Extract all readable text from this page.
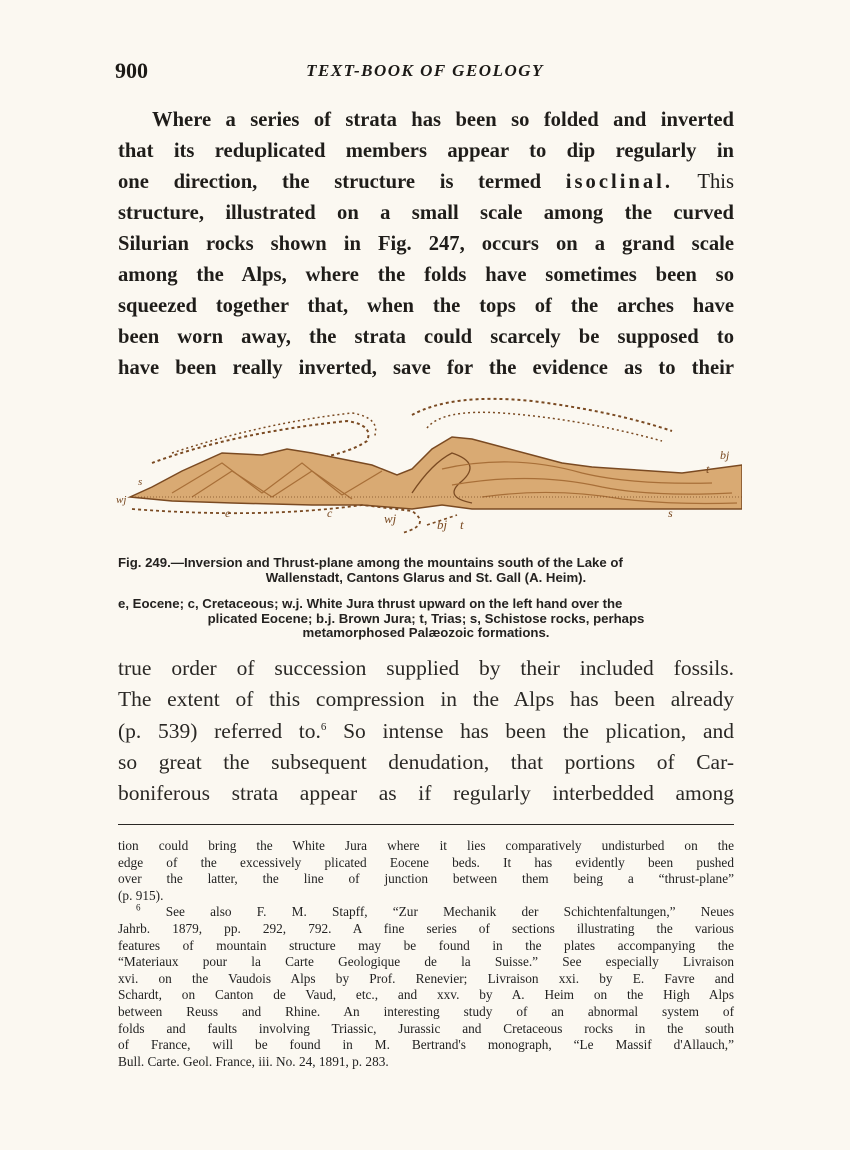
900	TEXT-BOOK OF GEOLOGY

Where a series of strata has been so folded and inverted
that its reduplicated members appear to dip regularly in
one direction, the structure is termed isoclinal. This
structure, illustrated on a small scale among the curved
Silurian rocks shown in Fig. 247, occurs on a grand scale
among the Alps, where the folds have sometimes been so
squeezed together that, when the tops of the arches have
been worn away, the strata could scarcely be supposed to
have been really inverted, save for the evidence as to their

wj
s
e	c	wj	bj t
s
bj
t
Fig. 249.—Inversion and Thrust-plane among the mountains south of the Lake of
Wallenstadt, Cantons Glarus and St. Gall (A. Heim).
e, Eocene; c, Cretaceous; w.j. White Jura thrust upward on the left hand over the
plicated Eocene; b.j. Brown Jura; t, Trias; s, Schistose rocks, perhaps
metamorphosed Palæozoic formations.

true order of succession supplied by their included fossils.
The extent of this compression in the Alps has been already
(p. 539) referred to.$^6$ So intense has been the plication, and
so great the subsequent denudation, that portions of Car-
boniferous strata appear as if regularly interbedded among

tion could bring the White Jura where it lies comparatively undisturbed on the
edge of the excessively plicated Eocene beds. It has evidently been pushed
over the latter, the line of junction between them being a “thrust-plane”
(p. 915).
$^6$ See also F. M. Stapff, “Zur Mechanik der Schichtenfaltungen,” Neues
Jahrb. 1879, pp. 292, 792. A fine series of sections illustrating the various
features of mountain structure may be found in the plates accompanying the
“Materiaux pour la Carte Geologique de la Suisse.” See especially Livraison
xvi. on the Vaudois Alps by Prof. Renevier; Livraison xxi. by E. Favre and
Schardt, on Canton de Vaud, etc., and xxv. by A. Heim on the High Alps
between Reuss and Rhine. An interesting study of an abnormal system of
folds and faults involving Triassic, Jurassic and Cretaceous rocks in the south
of France, will be found in M. Bertrand's monograph, “Le Massif d'Allauch,”
Bull. Carte. Geol. France, iii. No. 24, 1891, p. 283.
